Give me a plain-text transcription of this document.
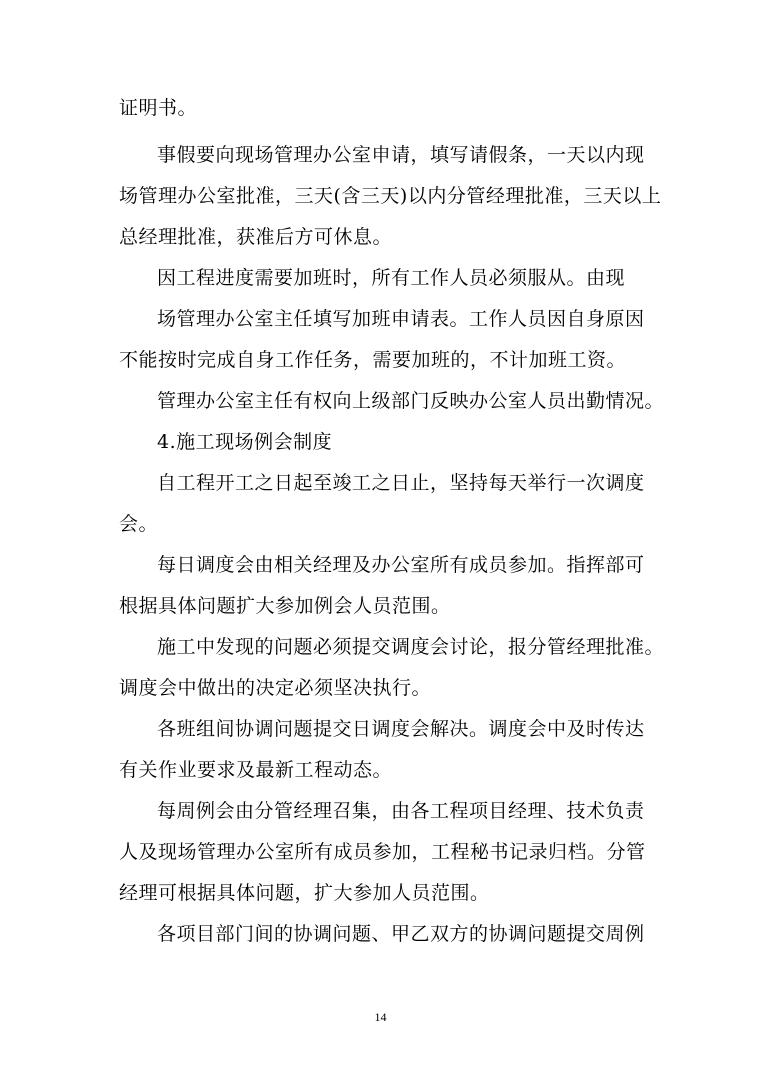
证明书。
事假要向现场管理办公室申请，填写请假条，一天以内现
场管理办公室批准，三天(含三天)以内分管经理批准，三天以上
总经理批准，获准后方可休息。
因工程进度需要加班时，所有工作人员必须服从。由现
场管理办公室主任填写加班申请表。工作人员因自身原因
不能按时完成自身工作任务，需要加班的，不计加班工资。
管理办公室主任有权向上级部门反映办公室人员出勤情况。
4.施工现场例会制度
自工程开工之日起至竣工之日止，坚持每天举行一次调度
会。
每日调度会由相关经理及办公室所有成员参加。指挥部可
根据具体问题扩大参加例会人员范围。
施工中发现的问题必须提交调度会讨论，报分管经理批准。
调度会中做出的决定必须坚决执行。
各班组间协调问题提交日调度会解决。调度会中及时传达
有关作业要求及最新工程动态。
每周例会由分管经理召集，由各工程项目经理、技术负责
人及现场管理办公室所有成员参加，工程秘书记录归档。分管
经理可根据具体问题，扩大参加人员范围。
各项目部门间的协调问题、甲乙双方的协调问题提交周例
14
